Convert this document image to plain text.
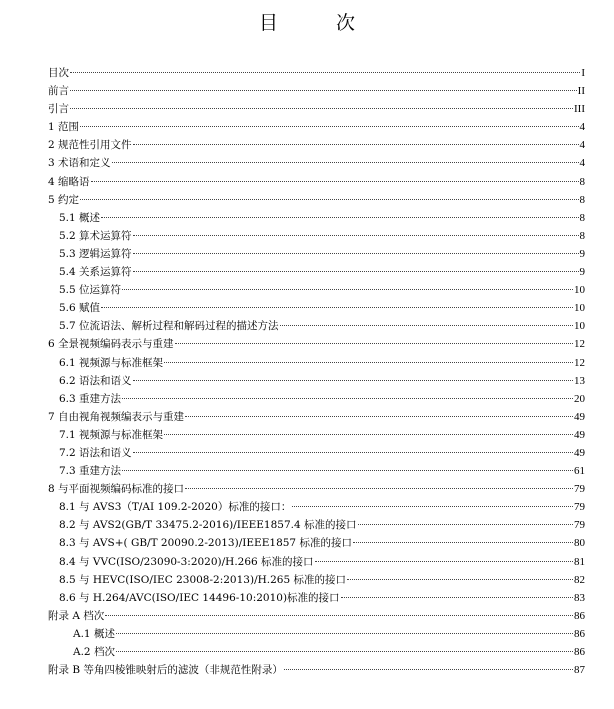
目 次
目次	I
前言	II
引言	III
1 范围	4
2 规范性引用文件	4
3 术语和定义	4
4 缩略语	8
5 约定	8
5.1 概述	8
5.2 算术运算符	8
5.3 逻辑运算符	9
5.4 关系运算符	9
5.5 位运算符	10
5.6 赋值	10
5.7 位流语法、解析过程和解码过程的描述方法	10
6 全景视频编码表示与重建	12
6.1 视频源与标准框架	12
6.2 语法和语义	13
6.3 重建方法	20
7 自由视角视频编表示与重建	49
7.1 视频源与标准框架	49
7.2 语法和语义	49
7.3 重建方法	61
8 与平面视频编码标准的接口	79
8.1 与 AVS3（T/AI 109.2-2020）标准的接口：	79
8.2 与 AVS2(GB/T 33475.2-2016)/IEEE1857.4 标准的接口	79
8.3 与 AVS+( GB/T 20090.2-2013)/IEEE1857 标准的接口	80
8.4 与 VVC(ISO/23090-3:2020)/H.266 标准的接口	81
8.5 与 HEVC(ISO/IEC 23008-2:2013)/H.265 标准的接口	82
8.6 与 H.264/AVC(ISO/IEC 14496-10:2010)标准的接口	83
附录 A 档次	86
A.1 概述	86
A.2 档次	86
附录 B 等角四棱锥映射后的滤波（非规范性附录）	87
